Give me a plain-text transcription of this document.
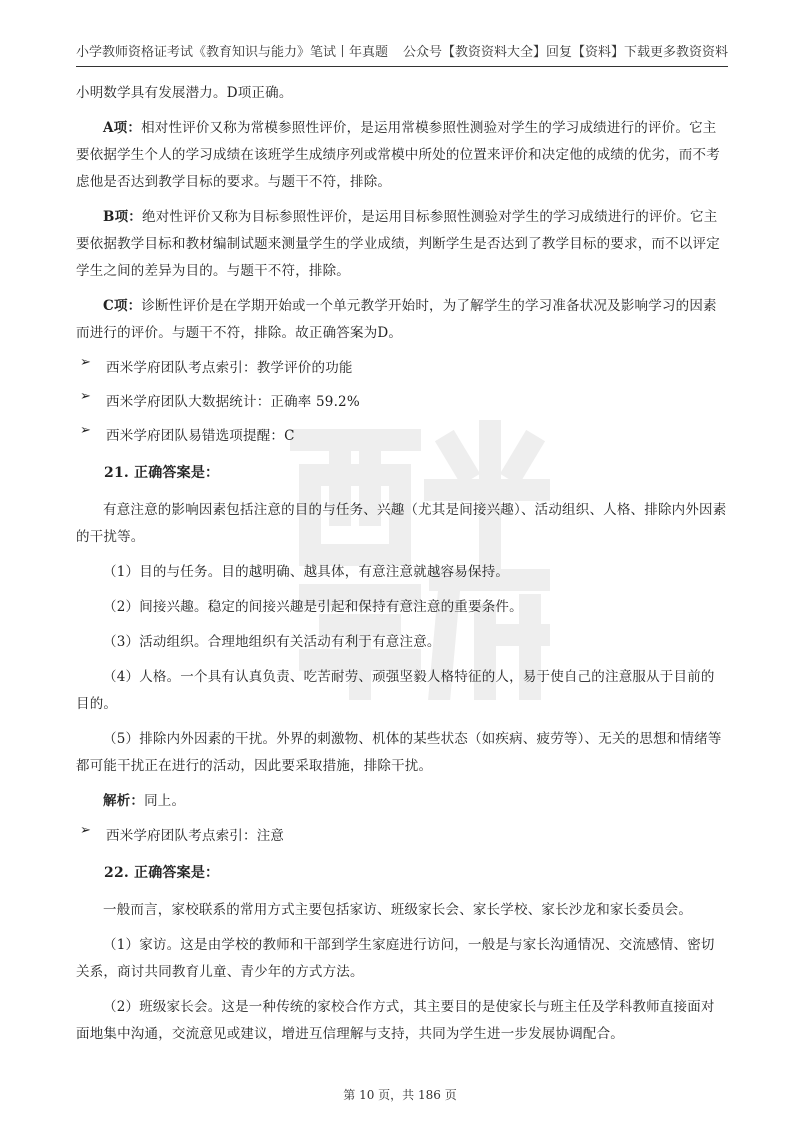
小学教师资格证考试《教育知识与能力》笔试丨年真题 公众号【教资资料大全】回复【资料】下载更多教资资料

小明数学具有发展潜力。D项正确。

A项：相对性评价又称为常模参照性评价，是运用常模参照性测验对学生的学习成绩进行的评价。它主要依据学生个人的学习成绩在该班学生成绩序列或常模中所处的位置来评价和决定他的成绩的优劣，而不考虑他是否达到教学目标的要求。与题干不符，排除。

B项：绝对性评价又称为目标参照性评价，是运用目标参照性测验对学生的学习成绩进行的评价。它主要依据教学目标和教材编制试题来测量学生的学业成绩，判断学生是否达到了教学目标的要求，而不以评定学生之间的差异为目的。与题干不符，排除。

C项：诊断性评价是在学期开始或一个单元教学开始时，为了解学生的学习准备状况及影响学习的因素而进行的评价。与题干不符，排除。故正确答案为D。

➢	西米学府团队考点索引：教学评价的功能

➢	西米学府团队大数据统计：正确率 59.2%

➢	西米学府团队易错选项提醒：C

21. 正确答案是：

有意注意的影响因素包括注意的目的与任务、兴趣（尤其是间接兴趣）、活动组织、人格、排除内外因素的干扰等。

（1）目的与任务。目的越明确、越具体，有意注意就越容易保持。

（2）间接兴趣。稳定的间接兴趣是引起和保持有意注意的重要条件。

（3）活动组织。合理地组织有关活动有利于有意注意。

（4）人格。一个具有认真负责、吃苦耐劳、顽强坚毅人格特征的人，易于使自己的注意服从于目前的目的。

（5）排除内外因素的干扰。外界的刺激物、机体的某些状态（如疾病、疲劳等）、无关的思想和情绪等都可能干扰正在进行的活动，因此要采取措施，排除干扰。

解析：同上。

➢	西米学府团队考点索引：注意

22. 正确答案是：

一般而言，家校联系的常用方式主要包括家访、班级家长会、家长学校、家长沙龙和家长委员会。

（1）家访。这是由学校的教师和干部到学生家庭进行访问，一般是与家长沟通情况、交流感情、密切关系，商讨共同教育儿童、青少年的方式方法。

（2）班级家长会。这是一种传统的家校合作方式，其主要目的是使家长与班主任及学科教师直接面对面地集中沟通，交流意见或建议，增进互信理解与支持，共同为学生进一步发展协调配合。

第 10 页，共 186 页
